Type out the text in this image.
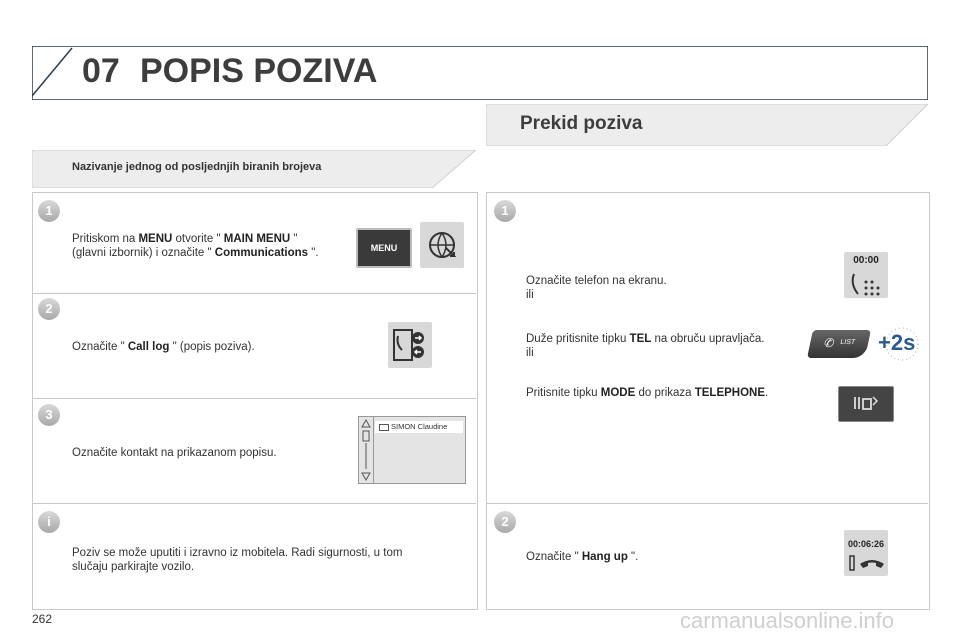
07 POPIS POZIVA
Prekid poziva
Nazivanje jednog od posljednjih biranih brojeva
1
Pritiskom na MENU otvorite " MAIN MENU "
(glavni izbornik) i označite " Communications ".	MENU
2
Označite " Call log " (popis poziva).
3
Označite kontakt na prikazanom popisu.
SIMON Claudine
i
Poziv se može uputiti i izravno iz mobitela. Radi sigurnosti, u tom
slučaju parkirajte vozilo.
1
Označite telefon na ekranu.
ili
00:00
Duže pritisnite tipku TEL na obruču upravljača.
ili
✆ LIST +2s
Pritisnite tipku MODE do prikaza TELEPHONE.
2
Označite " Hang up ".
00:06:26
262	carmanualsonline.info
